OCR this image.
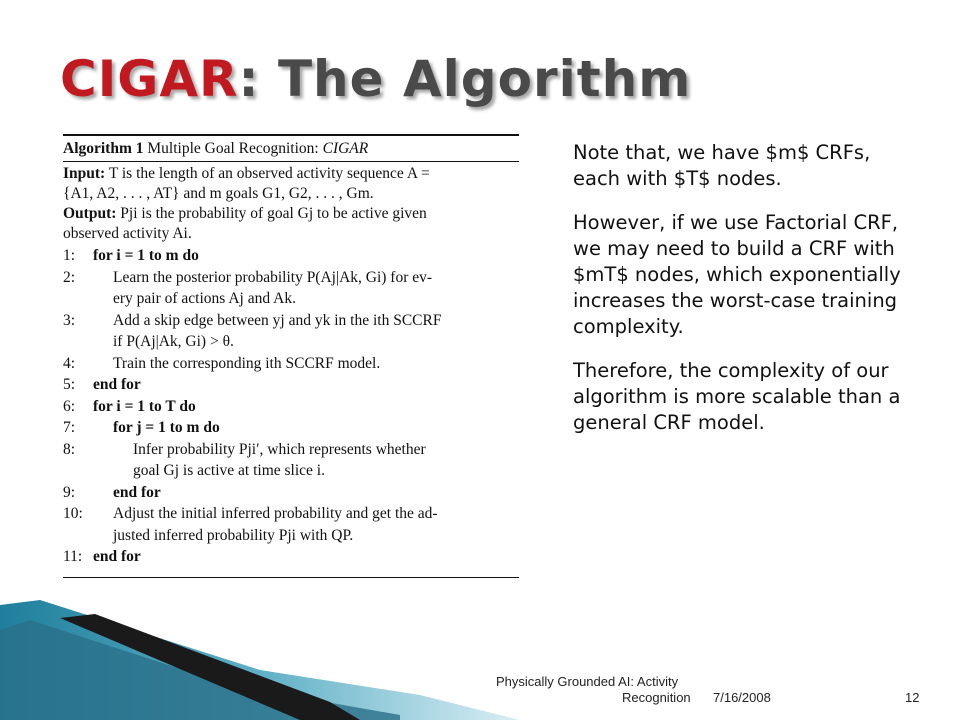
CIGAR: The Algorithm
Algorithm 1 Multiple Goal Recognition: CIGAR
Input: T is the length of an observed activity sequence A =
{A1, A2, . . . , AT} and m goals G1, G2, . . . , Gm.
Output: Pji is the probability of goal Gj to be active given
observed activity Ai.
1: for i = 1 to m do
2: Learn the posterior probability P(Aj|Ak, Gi) for ev-
ery pair of actions Aj and Ak.
3: Add a skip edge between yj and yk in the ith SCCRF
if P(Aj|Ak, Gi) > θ.
4: Train the corresponding ith SCCRF model.
5: end for
6: for i = 1 to T do
7: for j = 1 to m do
8:	Infer probability Pji′, which represents whether
goal Gj is active at time slice i.
9: end for
10: Adjust the initial inferred probability and get the ad-
justed inferred probability Pji with QP.
11: end for

Note that, we have $m$ CRFs, each with $T$ nodes.

However, if we use Factorial CRF, we may need to build a CRF with $mT$ nodes, which exponentially increases the worst-case training complexity.

Therefore, the complexity of our algorithm is more scalable than a general CRF model.

Physically Grounded AI: Activity
Recognition 7/16/2008	12
